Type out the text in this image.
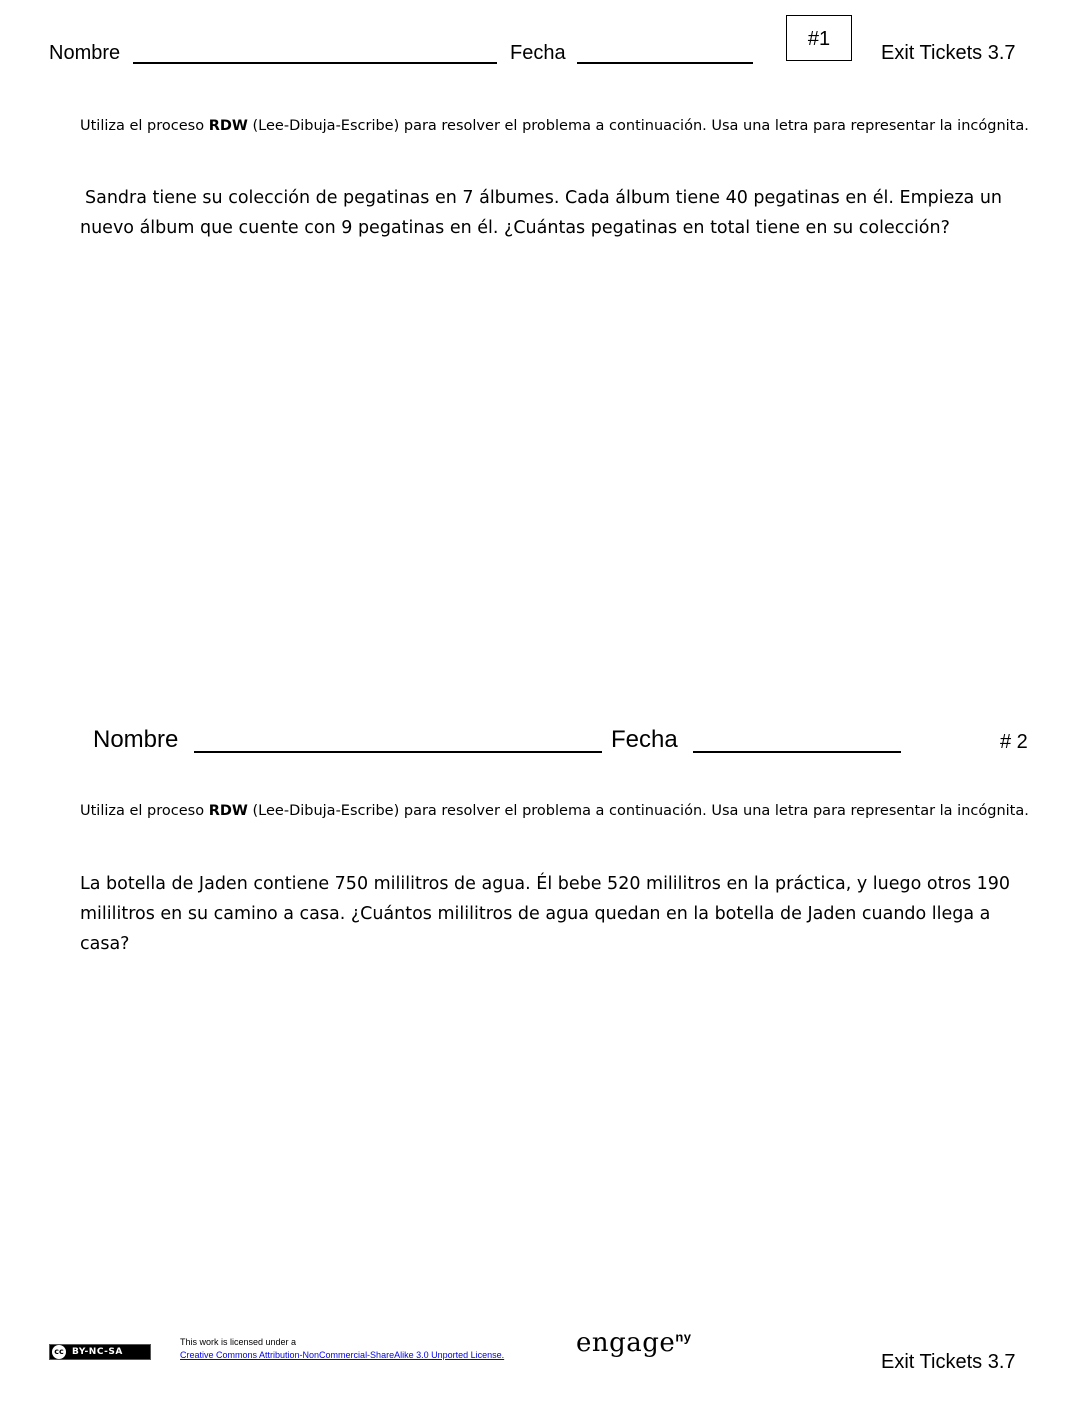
Nombre	Fecha
#1
Exit Tickets 3.7
Utiliza el proceso RDW (Lee-Dibuja-Escribe) para resolver el problema a continuación. Usa una letra para representar la incógnita.
Sandra tiene su colección de pegatinas en 7 álbumes. Cada álbum tiene 40 pegatinas en él. Empieza un nuevo álbum que cuente con 9 pegatinas en él. ¿Cuántas pegatinas en total tiene en su colección?
Nombre	Fecha	# 2
Utiliza el proceso RDW (Lee-Dibuja-Escribe) para resolver el problema a continuación. Usa una letra para representar la incógnita.
La botella de Jaden contiene 750 mililitros de agua. Él bebe 520 mililitros en la práctica, y luego otros 190 mililitros en su camino a casa. ¿Cuántos mililitros de agua quedan en la botella de Jaden cuando llega a casa?
cc BY-NC-SA
This work is licensed under a
Creative Commons Attribution-NonCommercial-ShareAlike 3.0 Unported License.	engage$^{ny}$
Exit Tickets 3.7
